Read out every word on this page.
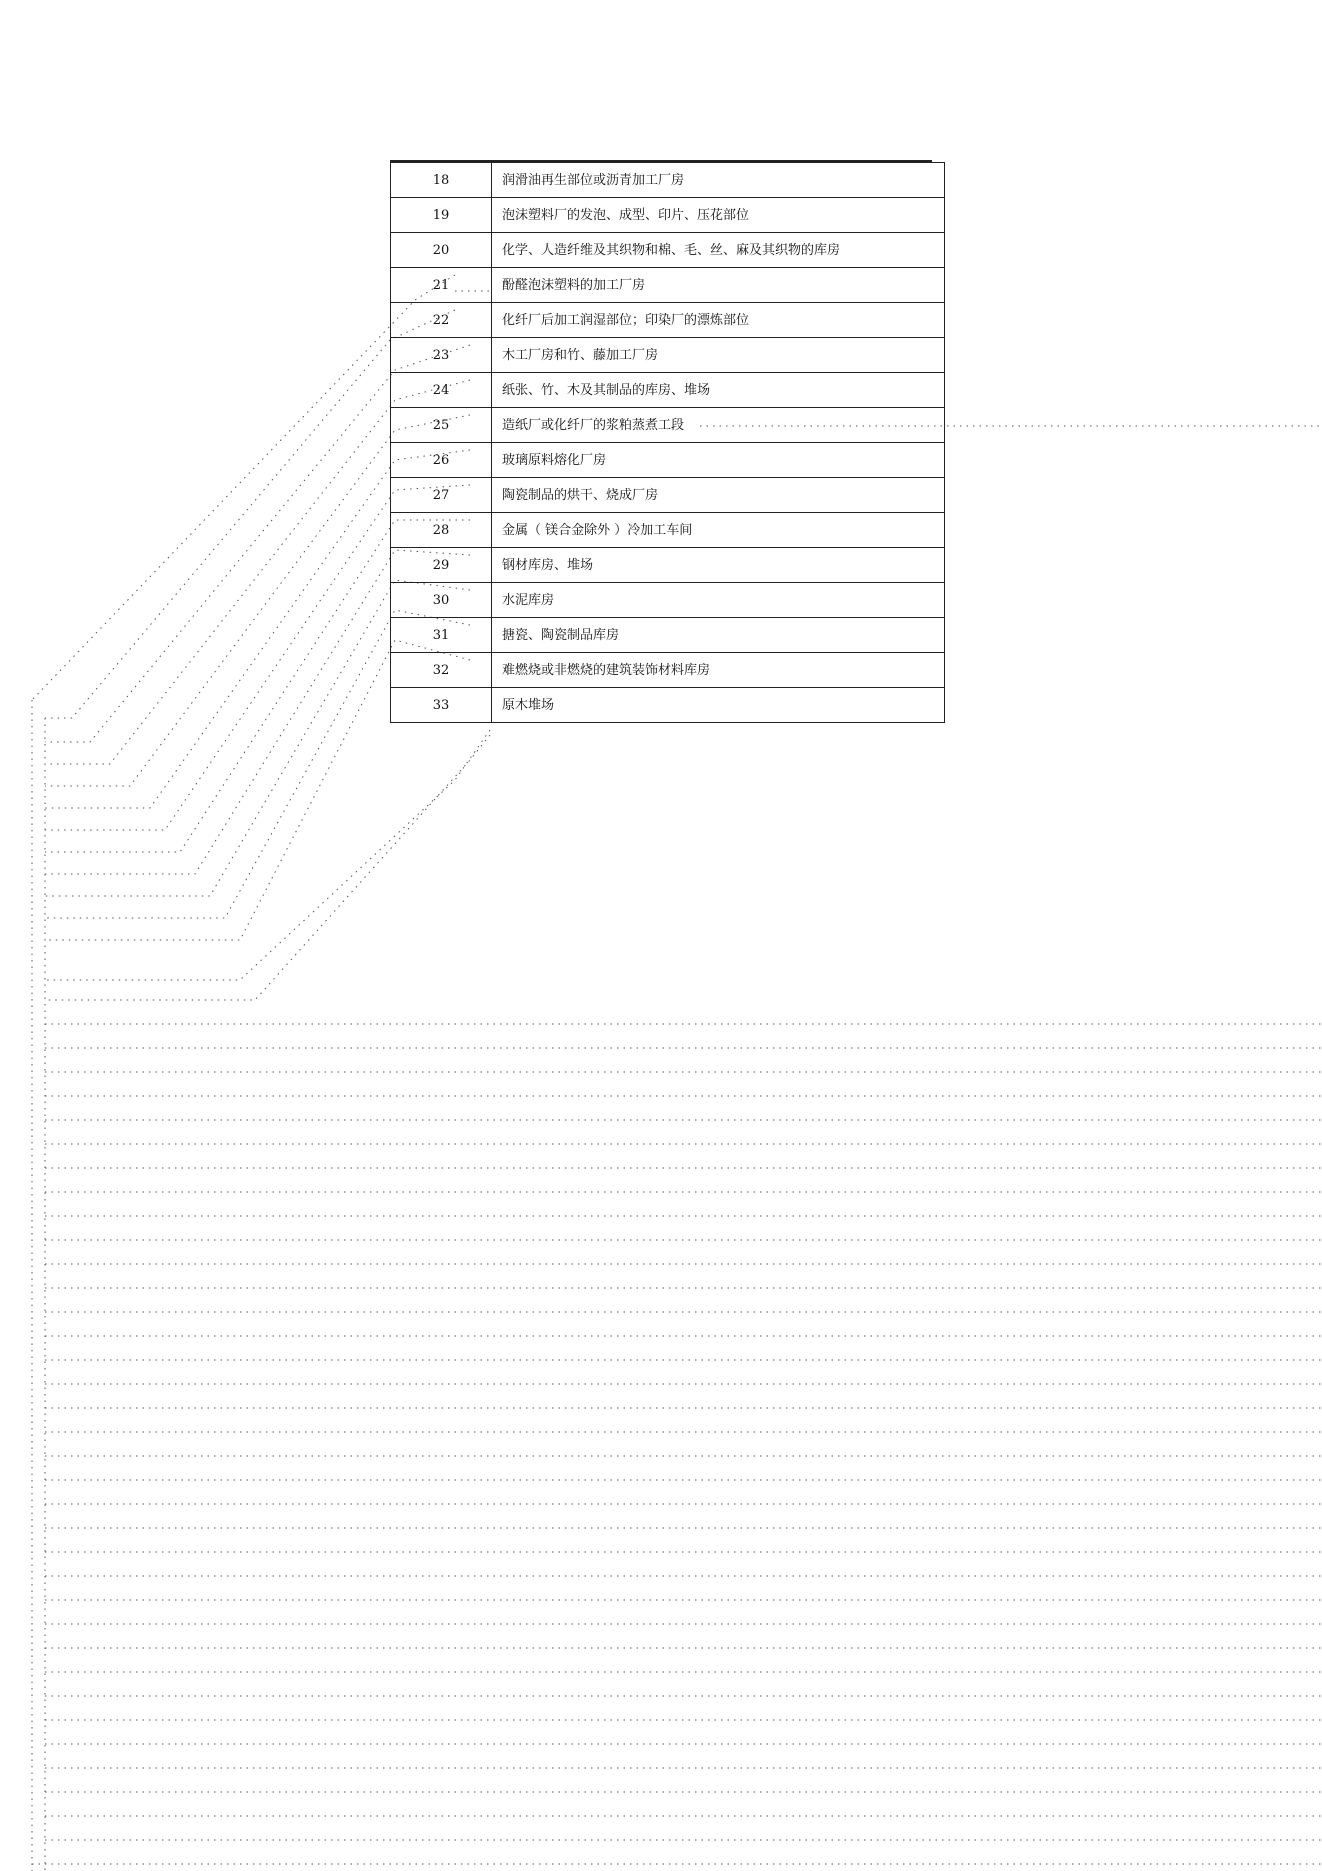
18	润滑油再生部位或沥青加工厂房
19	泡沫塑料厂的发泡、成型、印片、压花部位
20	化学、人造纤维及其织物和棉、毛、丝、麻及其织物的库房
21	酚醛泡沫塑料的加工厂房
22	化纤厂后加工润湿部位；印染厂的漂炼部位
23	木工厂房和竹、藤加工厂房
24	纸张、竹、木及其制品的库房、堆场
25	造纸厂或化纤厂的浆粕蒸煮工段
26	玻璃原料熔化厂房
27	陶瓷制品的烘干、烧成厂房
28	金属（ 镁合金除外 ）冷加工车间
29	钢材库房、堆场
30	水泥库房
31	搪瓷、陶瓷制品库房
32	难燃烧或非燃烧的建筑装饰材料库房
33	原木堆场
